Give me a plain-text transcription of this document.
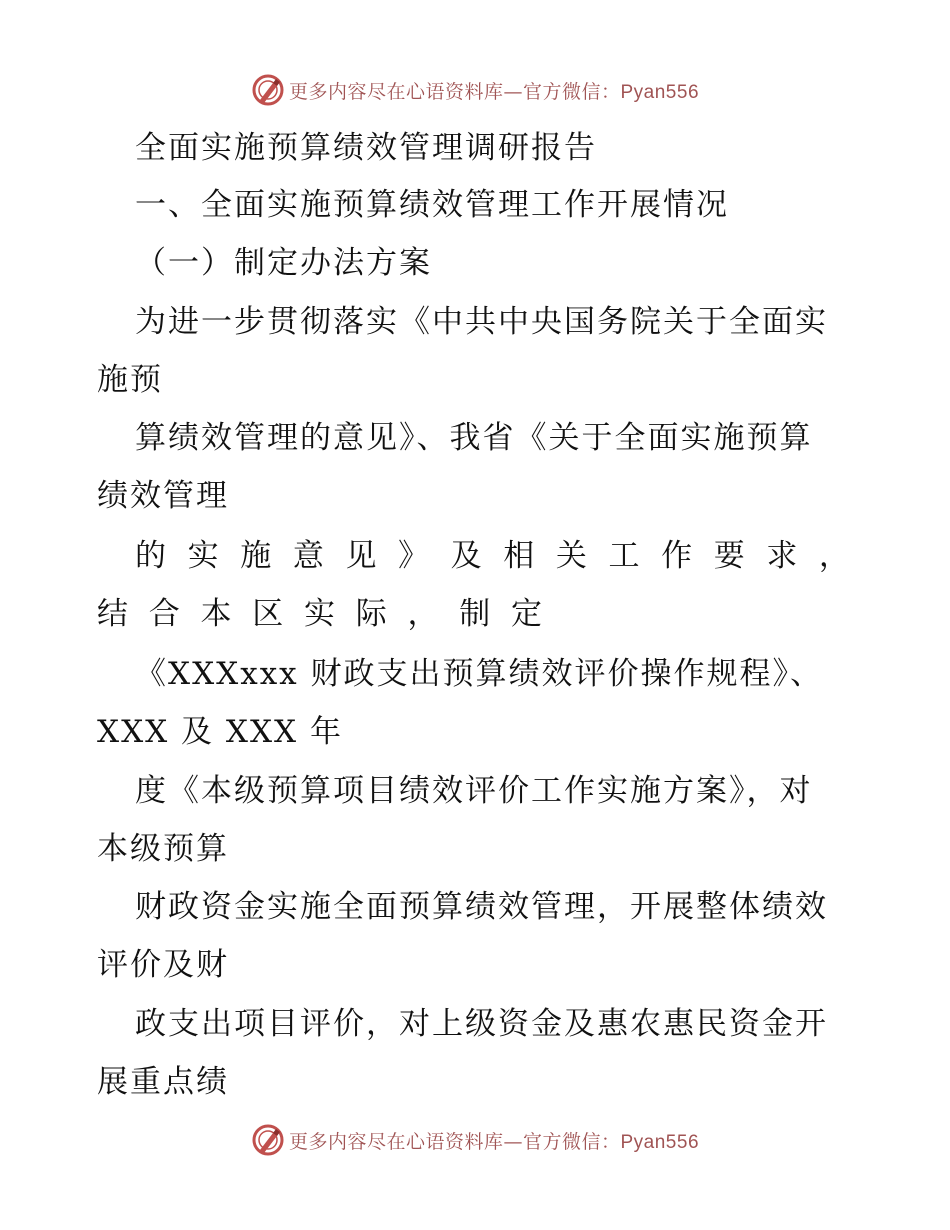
更多内容尽在心语资料库—官方微信：Pyan556
全面实施预算绩效管理调研报告
一、全面实施预算绩效管理工作开展情况
（一）制定办法方案
为进一步贯彻落实《中共中央国务院关于全面实
施预
算绩效管理的意见》、我省《关于全面实施预算
绩效管理
的 实 施 意 见 》 及 相 关 工 作 要 求 ，
结 合 本 区 实 际 ， 制 定
《XXXxxx 财政支出预算绩效评价操作规程》、
XXX 及 XXX 年
度《本级预算项目绩效评价工作实施方案》，对
本级预算
财政资金实施全面预算绩效管理，开展整体绩效
评价及财
政支出项目评价，对上级资金及惠农惠民资金开
展重点绩
更多内容尽在心语资料库—官方微信：Pyan556
